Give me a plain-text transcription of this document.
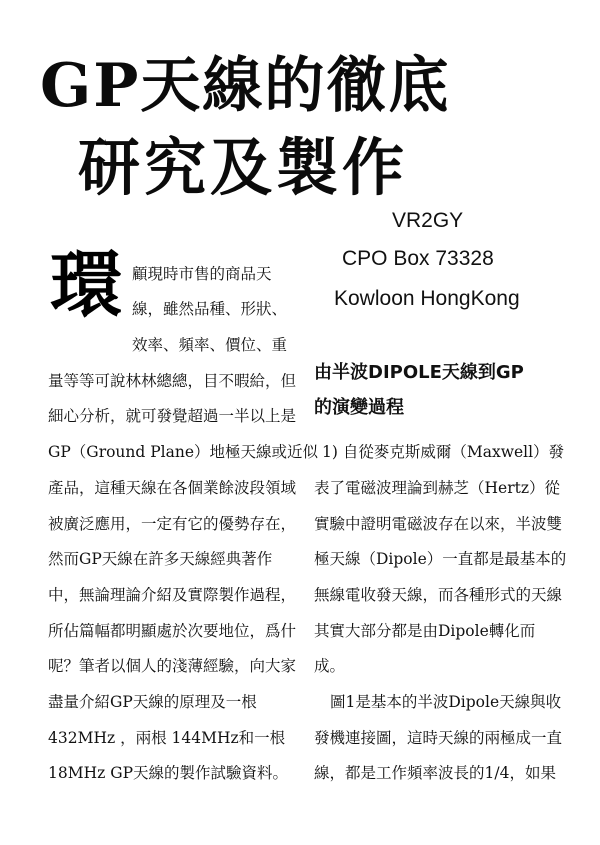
GP天線的徹底
研究及製作
VR2GY
CPO Box 73328
Kowloon HongKong
環 顧現時市售的商品天
線，雖然品種、形狀、
效率、頻率、價位、重
量等等可說林林總總，目不暇給，但
細心分析，就可發覺超過一半以上是
GP（Ground Plane）地極天線或近似
產品，這種天線在各個業餘波段領域
被廣泛應用，一定有它的優勢存在，
然而GP天線在許多天線經典著作
中，無論理論介紹及實際製作過程，
所佔篇幅都明顯處於次要地位，爲什
呢？筆者以個人的淺薄經驗，向大家
盡量介紹GP天線的原理及一根
432MHz ，兩根 144MHz和一根
18MHz GP天線的製作試驗資料。
由半波DIPOLE天線到GP
的演變過程
1) 自從麥克斯威爾（Maxwell）發
表了電磁波理論到赫芝（Hertz）從
實驗中證明電磁波存在以來，半波雙
極天線（Dipole）一直都是最基本的
無線電收發天線，而各種形式的天線
其實大部分都是由Dipole轉化而
成。
圖1是基本的半波Dipole天線與收
發機連接圖，這時天線的兩極成一直
線，都是工作頻率波長的1/4，如果
